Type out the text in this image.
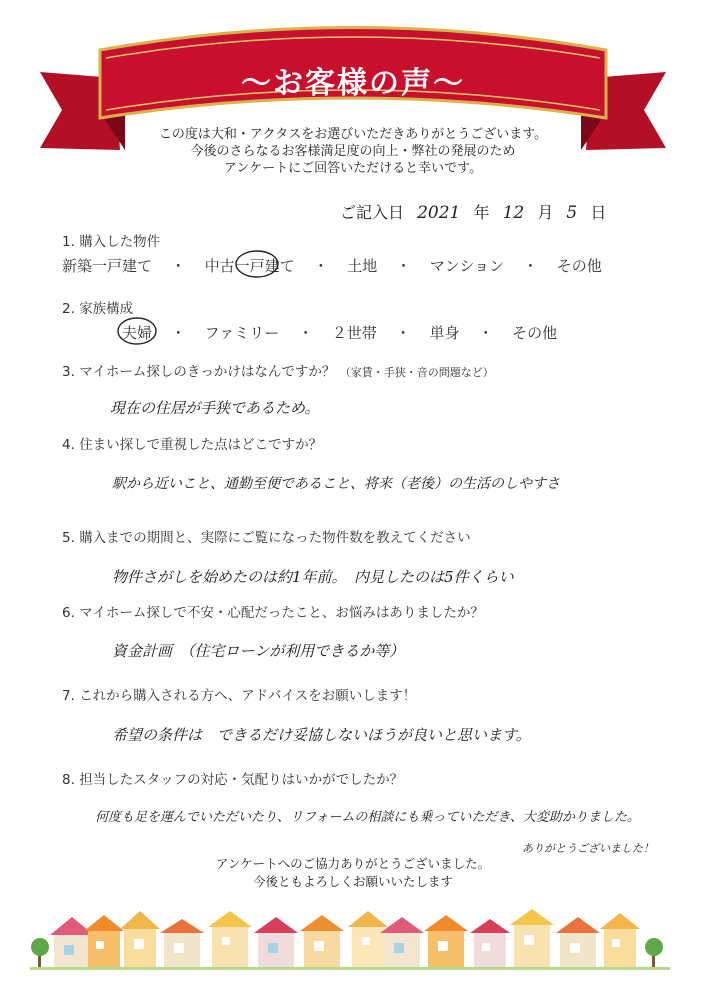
〜お客様の声〜
この度は大和・アクタスをお選びいただきありがとうございます。
今後のさらなるお客様満足度の向上・弊社の発展のため
アンケートにご回答いただけると幸いです。
ご記入日 2021 年 12 月 5 日
1. 購入した物件
新築一戸建て ・ 中古一戸建て ・ 土地 ・ マンション ・ その他
2. 家族構成
夫婦 ・ ファミリー ・ ２世帯 ・ 単身 ・ その他
3. マイホーム探しのきっかけはなんですか？ （家賃・手狭・音の問題など）
現在の住居が手狭であるため。
4. 住まい探しで重視した点はどこですか？
駅から近いこと、通勤至便であること、将来（老後）の生活のしやすさ
5. 購入までの期間と、実際にご覧になった物件数を教えてください
物件さがしを始めたのは約1年前。　内見したのは5件くらい
6. マイホーム探しで不安・心配だったこと、お悩みはありましたか？
資金計画　（住宅ローンが利用できるか等）
7. これから購入される方へ、アドバイスをお願いします！
希望の条件は　できるだけ妥協しないほうが良いと思います。
8. 担当したスタッフの対応・気配りはいかがでしたか？
何度も足を運んでいただいたり、リフォームの相談にも乗っていただき、大変助かりました。
ありがとうございました！
アンケートへのご協力ありがとうございました。
今後ともよろしくお願いいたします
